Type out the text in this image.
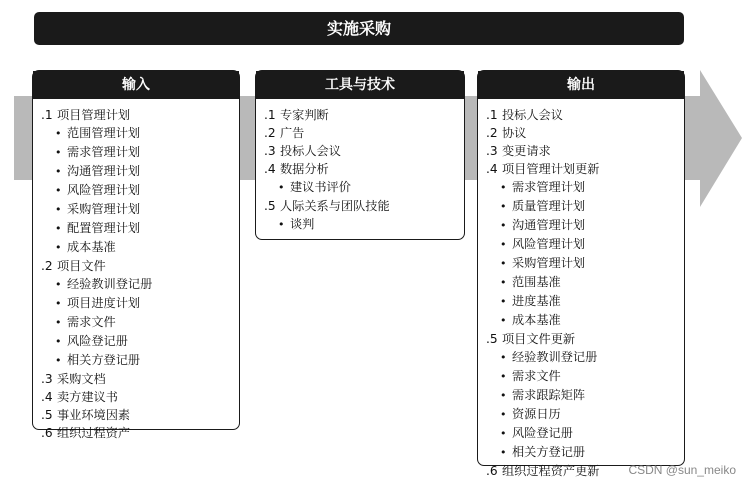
实施采购
输入
.1 项目管理计划
• 范围管理计划
• 需求管理计划
• 沟通管理计划
• 风险管理计划
• 采购管理计划
• 配置管理计划
• 成本基准
.2 项目文件
• 经验教训登记册
• 项目进度计划
• 需求文件
• 风险登记册
• 相关方登记册
.3 采购文档
.4 卖方建议书
.5 事业环境因素
.6 组织过程资产
工具与技术
.1 专家判断
.2 广告
.3 投标人会议
.4 数据分析
• 建议书评价
.5 人际关系与团队技能
• 谈判
输出
.1 投标人会议
.2 协议
.3 变更请求
.4 项目管理计划更新
• 需求管理计划
• 质量管理计划
• 沟通管理计划
• 风险管理计划
• 采购管理计划
• 范围基准
• 进度基准
• 成本基准
.5 项目文件更新
• 经验教训登记册
• 需求文件
• 需求跟踪矩阵
• 资源日历
• 风险登记册
• 相关方登记册
.6 组织过程资产更新	CSDN @sun_meiko
